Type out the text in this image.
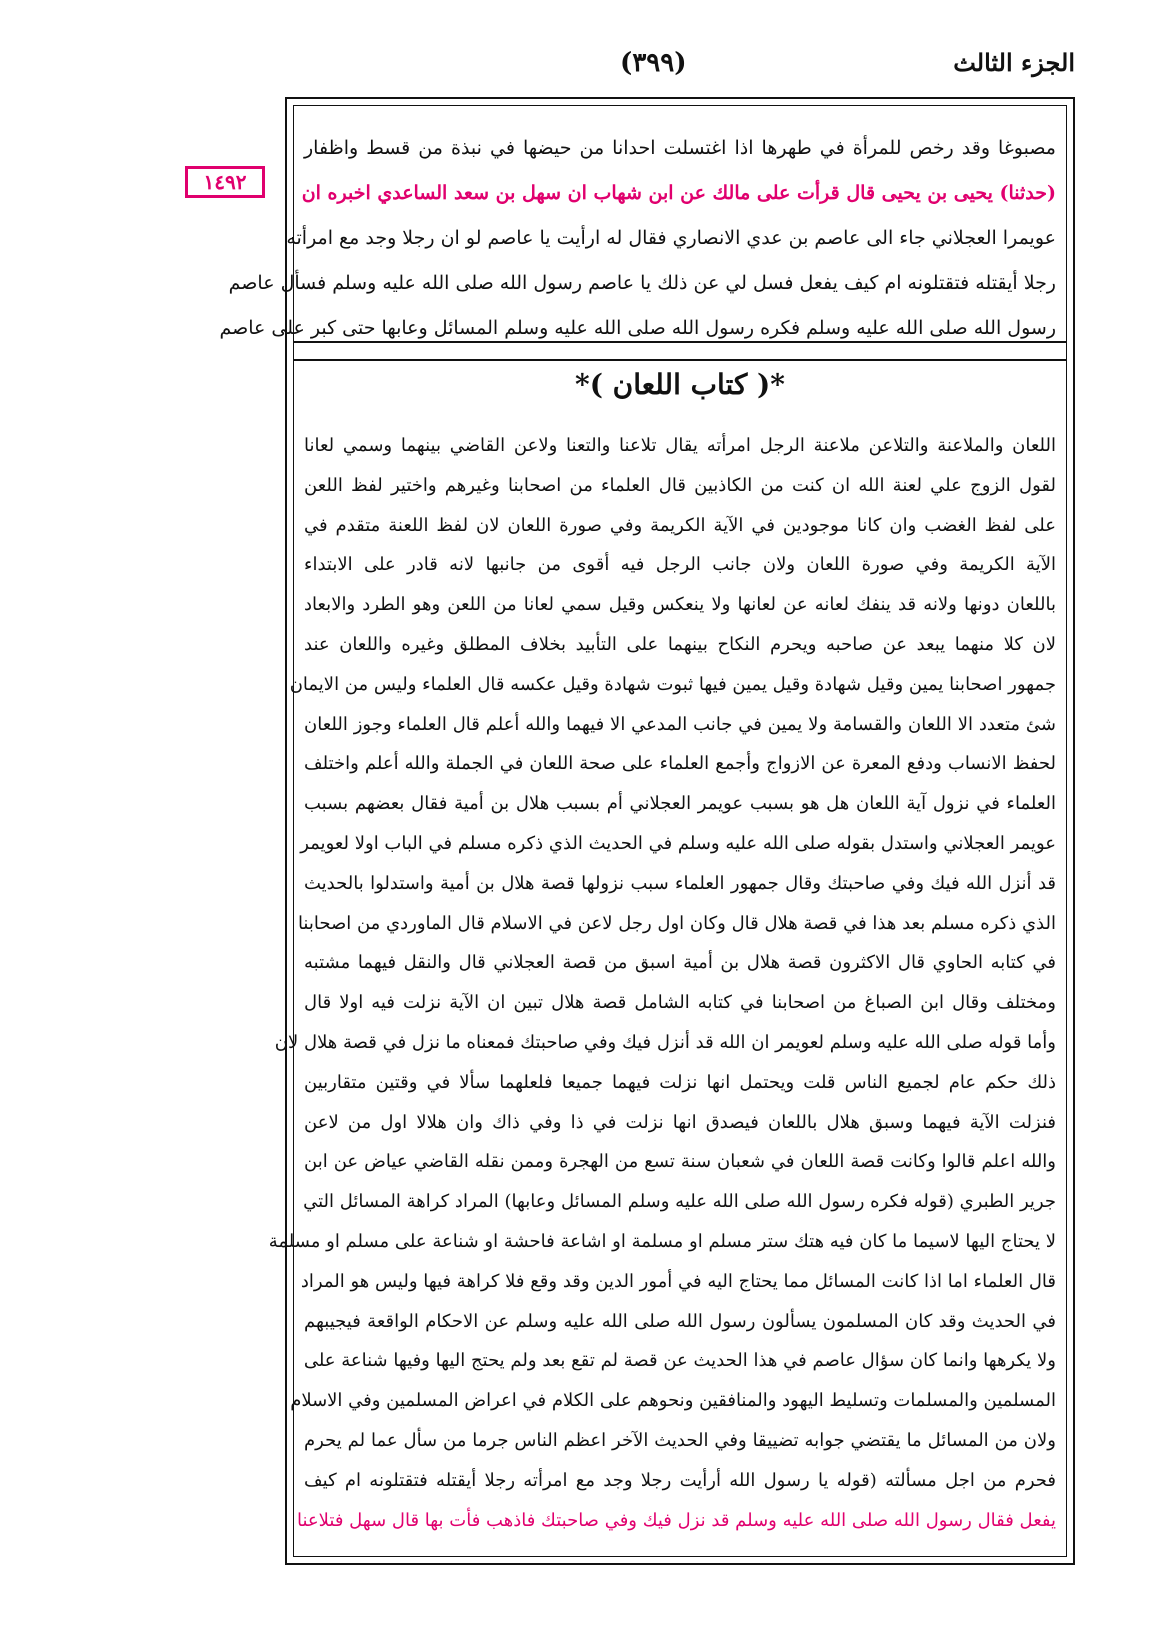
الجزء الثالث
(٣٩٩)
١٤٩٢
مصبوغا وقد رخص للمرأة في طهرها اذا اغتسلت احدانا من حيضها في نبذة من قسط واظفار
(حدثنا) يحيى بن يحيى قال قرأت على مالك عن ابن شهاب ان سهل بن سعد الساعدي اخبره ان
عويمرا العجلاني جاء الى عاصم بن عدي الانصاري فقال له ارأيت يا عاصم لو ان رجلا وجد مع امرأته
رجلا أيقتله فتقتلونه ام كيف يفعل فسل لي عن ذلك يا عاصم رسول الله صلى الله عليه وسلم فسأل عاصم
رسول الله صلى الله عليه وسلم فكره رسول الله صلى الله عليه وسلم المسائل وعابها حتى كبر على عاصم
*( كتاب اللعان )*
اللعان والملاعنة والتلاعن ملاعنة الرجل امرأته يقال تلاعنا والتعنا ولاعن القاضي بينهما وسمي لعانا
لقول الزوج علي لعنة الله ان كنت من الكاذبين قال العلماء من اصحابنا وغيرهم واختير لفظ اللعن
على لفظ الغضب وان كانا موجودين في الآية الكريمة وفي صورة اللعان لان لفظ اللعنة متقدم في
الآية الكريمة وفي صورة اللعان ولان جانب الرجل فيه أقوى من جانبها لانه قادر على الابتداء
باللعان دونها ولانه قد ينفك لعانه عن لعانها ولا ينعكس وقيل سمي لعانا من اللعن وهو الطرد والابعاد
لان كلا منهما يبعد عن صاحبه ويحرم النكاح بينهما على التأبيد بخلاف المطلق وغيره واللعان عند
جمهور اصحابنا يمين وقيل شهادة وقيل يمين فيها ثبوت شهادة وقيل عكسه قال العلماء وليس من الايمان
شئ متعدد الا اللعان والقسامة ولا يمين في جانب المدعي الا فيهما والله أعلم قال العلماء وجوز اللعان
لحفظ الانساب ودفع المعرة عن الازواج وأجمع العلماء على صحة اللعان في الجملة والله أعلم واختلف
العلماء في نزول آية اللعان هل هو بسبب عويمر العجلاني أم بسبب هلال بن أمية فقال بعضهم بسبب
عويمر العجلاني واستدل بقوله صلى الله عليه وسلم في الحديث الذي ذكره مسلم في الباب اولا لعويمر
قد أنزل الله فيك وفي صاحبتك وقال جمهور العلماء سبب نزولها قصة هلال بن أمية واستدلوا بالحديث
الذي ذكره مسلم بعد هذا في قصة هلال قال وكان اول رجل لاعن في الاسلام قال الماوردي من اصحابنا
في كتابه الحاوي قال الاكثرون قصة هلال بن أمية اسبق من قصة العجلاني قال والنقل فيهما مشتبه
ومختلف وقال ابن الصباغ من اصحابنا في كتابه الشامل قصة هلال تبين ان الآية نزلت فيه اولا قال
وأما قوله صلى الله عليه وسلم لعويمر ان الله قد أنزل فيك وفي صاحبتك فمعناه ما نزل في قصة هلال لان
ذلك حكم عام لجميع الناس قلت ويحتمل انها نزلت فيهما جميعا فلعلهما سألا في وقتين متقاربين
فنزلت الآية فيهما وسبق هلال باللعان فيصدق انها نزلت في ذا وفي ذاك وان هلالا اول من لاعن
والله اعلم قالوا وكانت قصة اللعان في شعبان سنة تسع من الهجرة وممن نقله القاضي عياض عن ابن
جرير الطبري (قوله فكره رسول الله صلى الله عليه وسلم المسائل وعابها) المراد كراهة المسائل التي
لا يحتاج اليها لاسيما ما كان فيه هتك ستر مسلم او مسلمة او اشاعة فاحشة او شناعة على مسلم او مسلمة
قال العلماء اما اذا كانت المسائل مما يحتاج اليه في أمور الدين وقد وقع فلا كراهة فيها وليس هو المراد
في الحديث وقد كان المسلمون يسألون رسول الله صلى الله عليه وسلم عن الاحكام الواقعة فيجيبهم
ولا يكرهها وانما كان سؤال عاصم في هذا الحديث عن قصة لم تقع بعد ولم يحتج اليها وفيها شناعة على
المسلمين والمسلمات وتسليط اليهود والمنافقين ونحوهم على الكلام في اعراض المسلمين وفي الاسلام
ولان من المسائل ما يقتضي جوابه تضييقا وفي الحديث الآخر اعظم الناس جرما من سأل عما لم يحرم
فحرم من اجل مسألته (قوله يا رسول الله أرأيت رجلا وجد مع امرأته رجلا أيقتله فتقتلونه ام كيف
يفعل فقال رسول الله صلى الله عليه وسلم قد نزل فيك وفي صاحبتك فاذهب فأت بها قال سهل فتلاعنا
